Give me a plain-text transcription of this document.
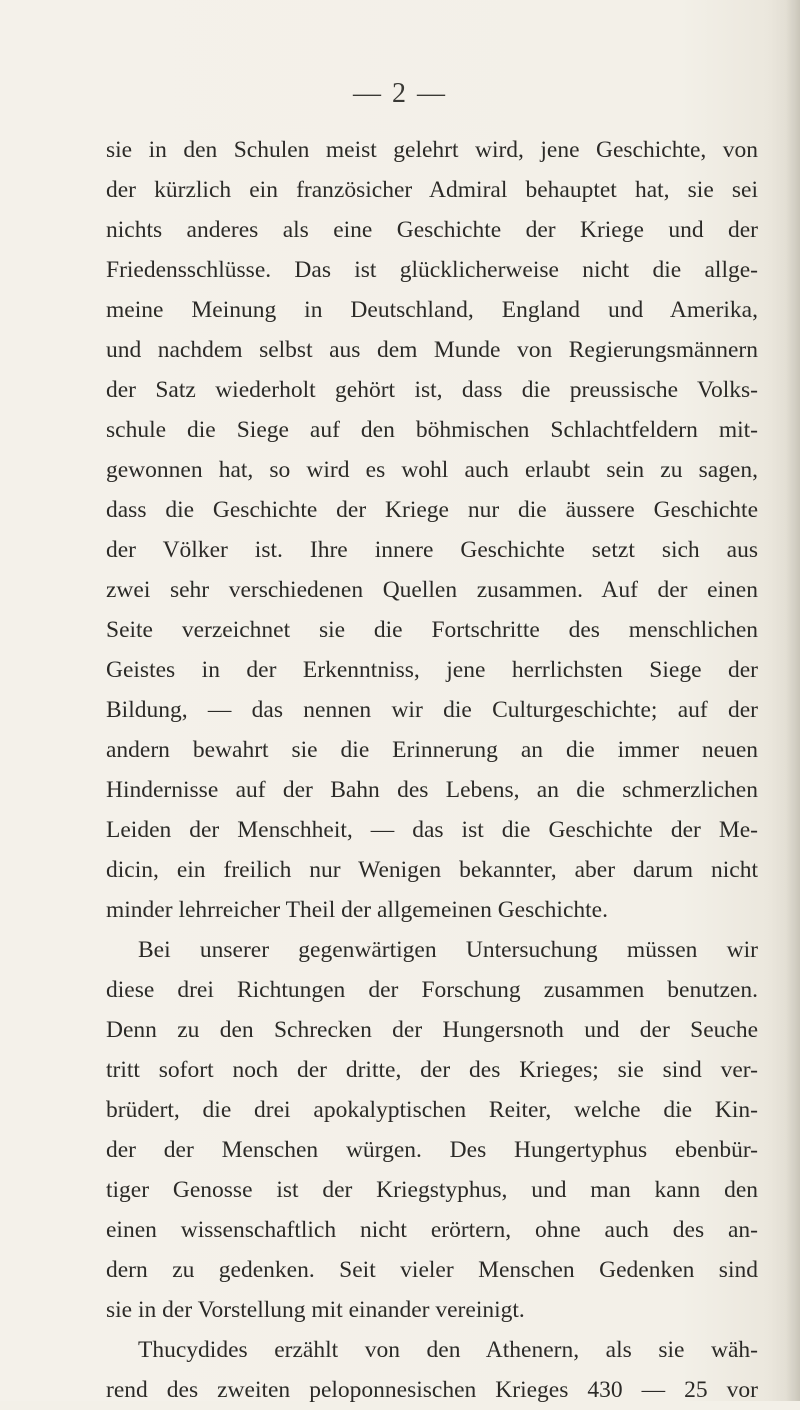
— 2 —
sie in den Schulen meist gelehrt wird, jene Geschichte, von
der kürzlich ein französicher Admiral behauptet hat, sie sei
nichts anderes als eine Geschichte der Kriege und der
Friedensschlüsse. Das ist glücklicherweise nicht die allge-
meine Meinung in Deutschland, England und Amerika,
und nachdem selbst aus dem Munde von Regierungsmännern
der Satz wiederholt gehört ist, dass die preussische Volks-
schule die Siege auf den böhmischen Schlachtfeldern mit-
gewonnen hat, so wird es wohl auch erlaubt sein zu sagen,
dass die Geschichte der Kriege nur die äussere Geschichte
der Völker ist. Ihre innere Geschichte setzt sich aus
zwei sehr verschiedenen Quellen zusammen. Auf der einen
Seite verzeichnet sie die Fortschritte des menschlichen
Geistes in der Erkenntniss, jene herrlichsten Siege der
Bildung, — das nennen wir die Culturgeschichte; auf der
andern bewahrt sie die Erinnerung an die immer neuen
Hindernisse auf der Bahn des Lebens, an die schmerzlichen
Leiden der Menschheit, — das ist die Geschichte der Me-
dicin, ein freilich nur Wenigen bekannter, aber darum nicht
minder lehrreicher Theil der allgemeinen Geschichte.
Bei unserer gegenwärtigen Untersuchung müssen wir
diese drei Richtungen der Forschung zusammen benutzen.
Denn zu den Schrecken der Hungersnoth und der Seuche
tritt sofort noch der dritte, der des Krieges; sie sind ver-
brüdert, die drei apokalyptischen Reiter, welche die Kin-
der der Menschen würgen. Des Hungertyphus ebenbür-
tiger Genosse ist der Kriegstyphus, und man kann den
einen wissenschaftlich nicht erörtern, ohne auch des an-
dern zu gedenken. Seit vieler Menschen Gedenken sind
sie in der Vorstellung mit einander vereinigt.
Thucydides erzählt von den Athenern, als sie wäh-
rend des zweiten peloponnesischen Krieges 430 — 25 vor
